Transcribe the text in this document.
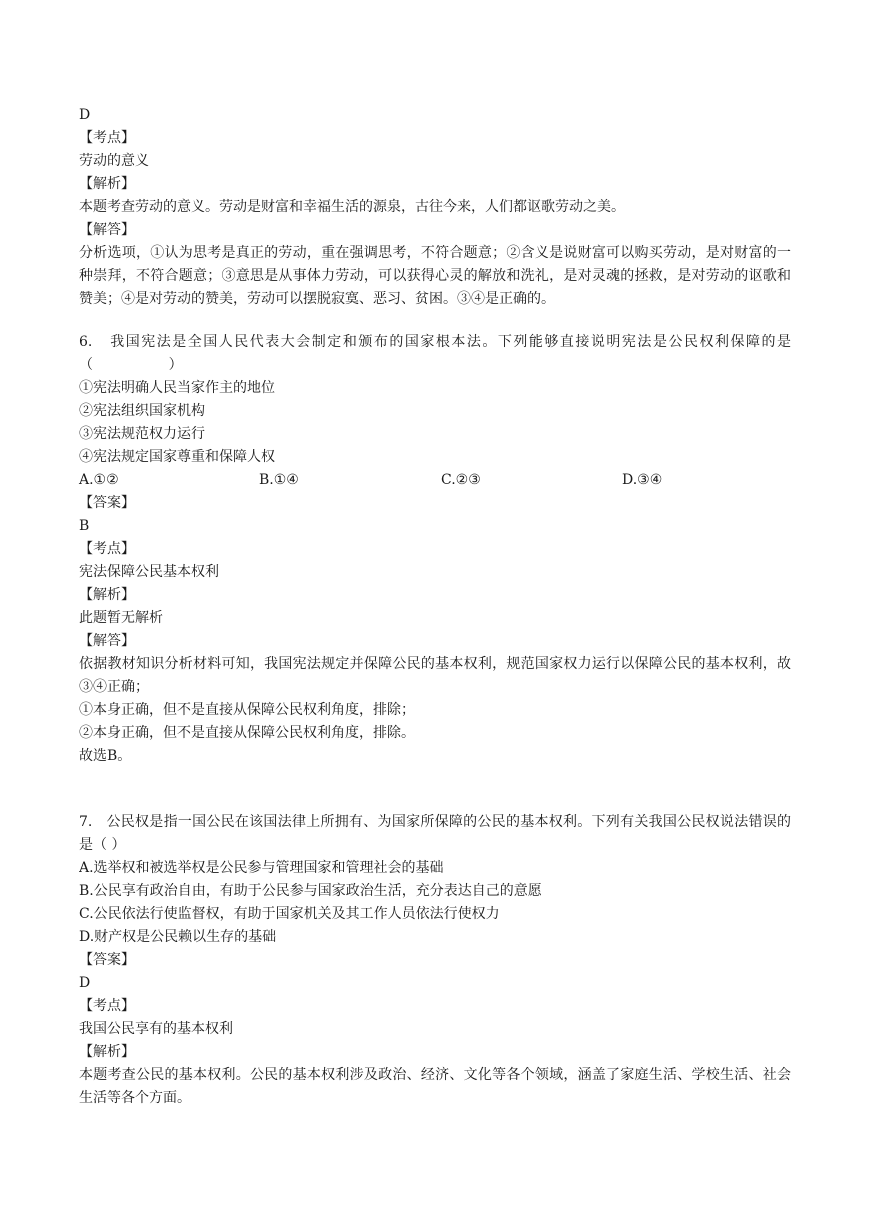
D
【考点】
劳动的意义
【解析】
本题考查劳动的意义。劳动是财富和幸福生活的源泉，古往今来，人们都讴歌劳动之美。
【解答】
分析选项，①认为思考是真正的劳动，重在强调思考，不符合题意；②含义是说财富可以购买劳动，是对财富的一种崇拜，不符合题意；③意思是从事体力劳动，可以获得心灵的解放和洗礼，是对灵魂的拯救，是对劳动的讴歌和赞美；④是对劳动的赞美，劳动可以摆脱寂寞、恶习、贫困。③④是正确的。
6.   我国宪法是全国人民代表大会制定和颁布的国家根本法。下列能够直接说明宪法是公民权利保障的是（                 ）
①宪法明确人民当家作主的地位
②宪法组织国家机构
③宪法规范权力运行
④宪法规定国家尊重和保障人权
A.①②	B.①④	C.②③	D.③④
【答案】
B
【考点】
宪法保障公民基本权利
【解析】
此题暂无解析
【解答】
依据教材知识分析材料可知，我国宪法规定并保障公民的基本权利，规范国家权力运行以保障公民的基本权利，故③④正确；
①本身正确，但不是直接从保障公民权利角度，排除；
②本身正确，但不是直接从保障公民权利角度，排除。
故选B。
7.   公民权是指一国公民在该国法律上所拥有、为国家所保障的公民的基本权利。下列有关我国公民权说法错误的是（ ）
A.选举权和被选举权是公民参与管理国家和管理社会的基础
B.公民享有政治自由，有助于公民参与国家政治生活，充分表达自己的意愿
C.公民依法行使监督权，有助于国家机关及其工作人员依法行使权力
D.财产权是公民赖以生存的基础
【答案】
D
【考点】
我国公民享有的基本权利
【解析】
本题考查公民的基本权利。公民的基本权利涉及政治、经济、文化等各个领域，涵盖了家庭生活、学校生活、社会生活等各个方面。
